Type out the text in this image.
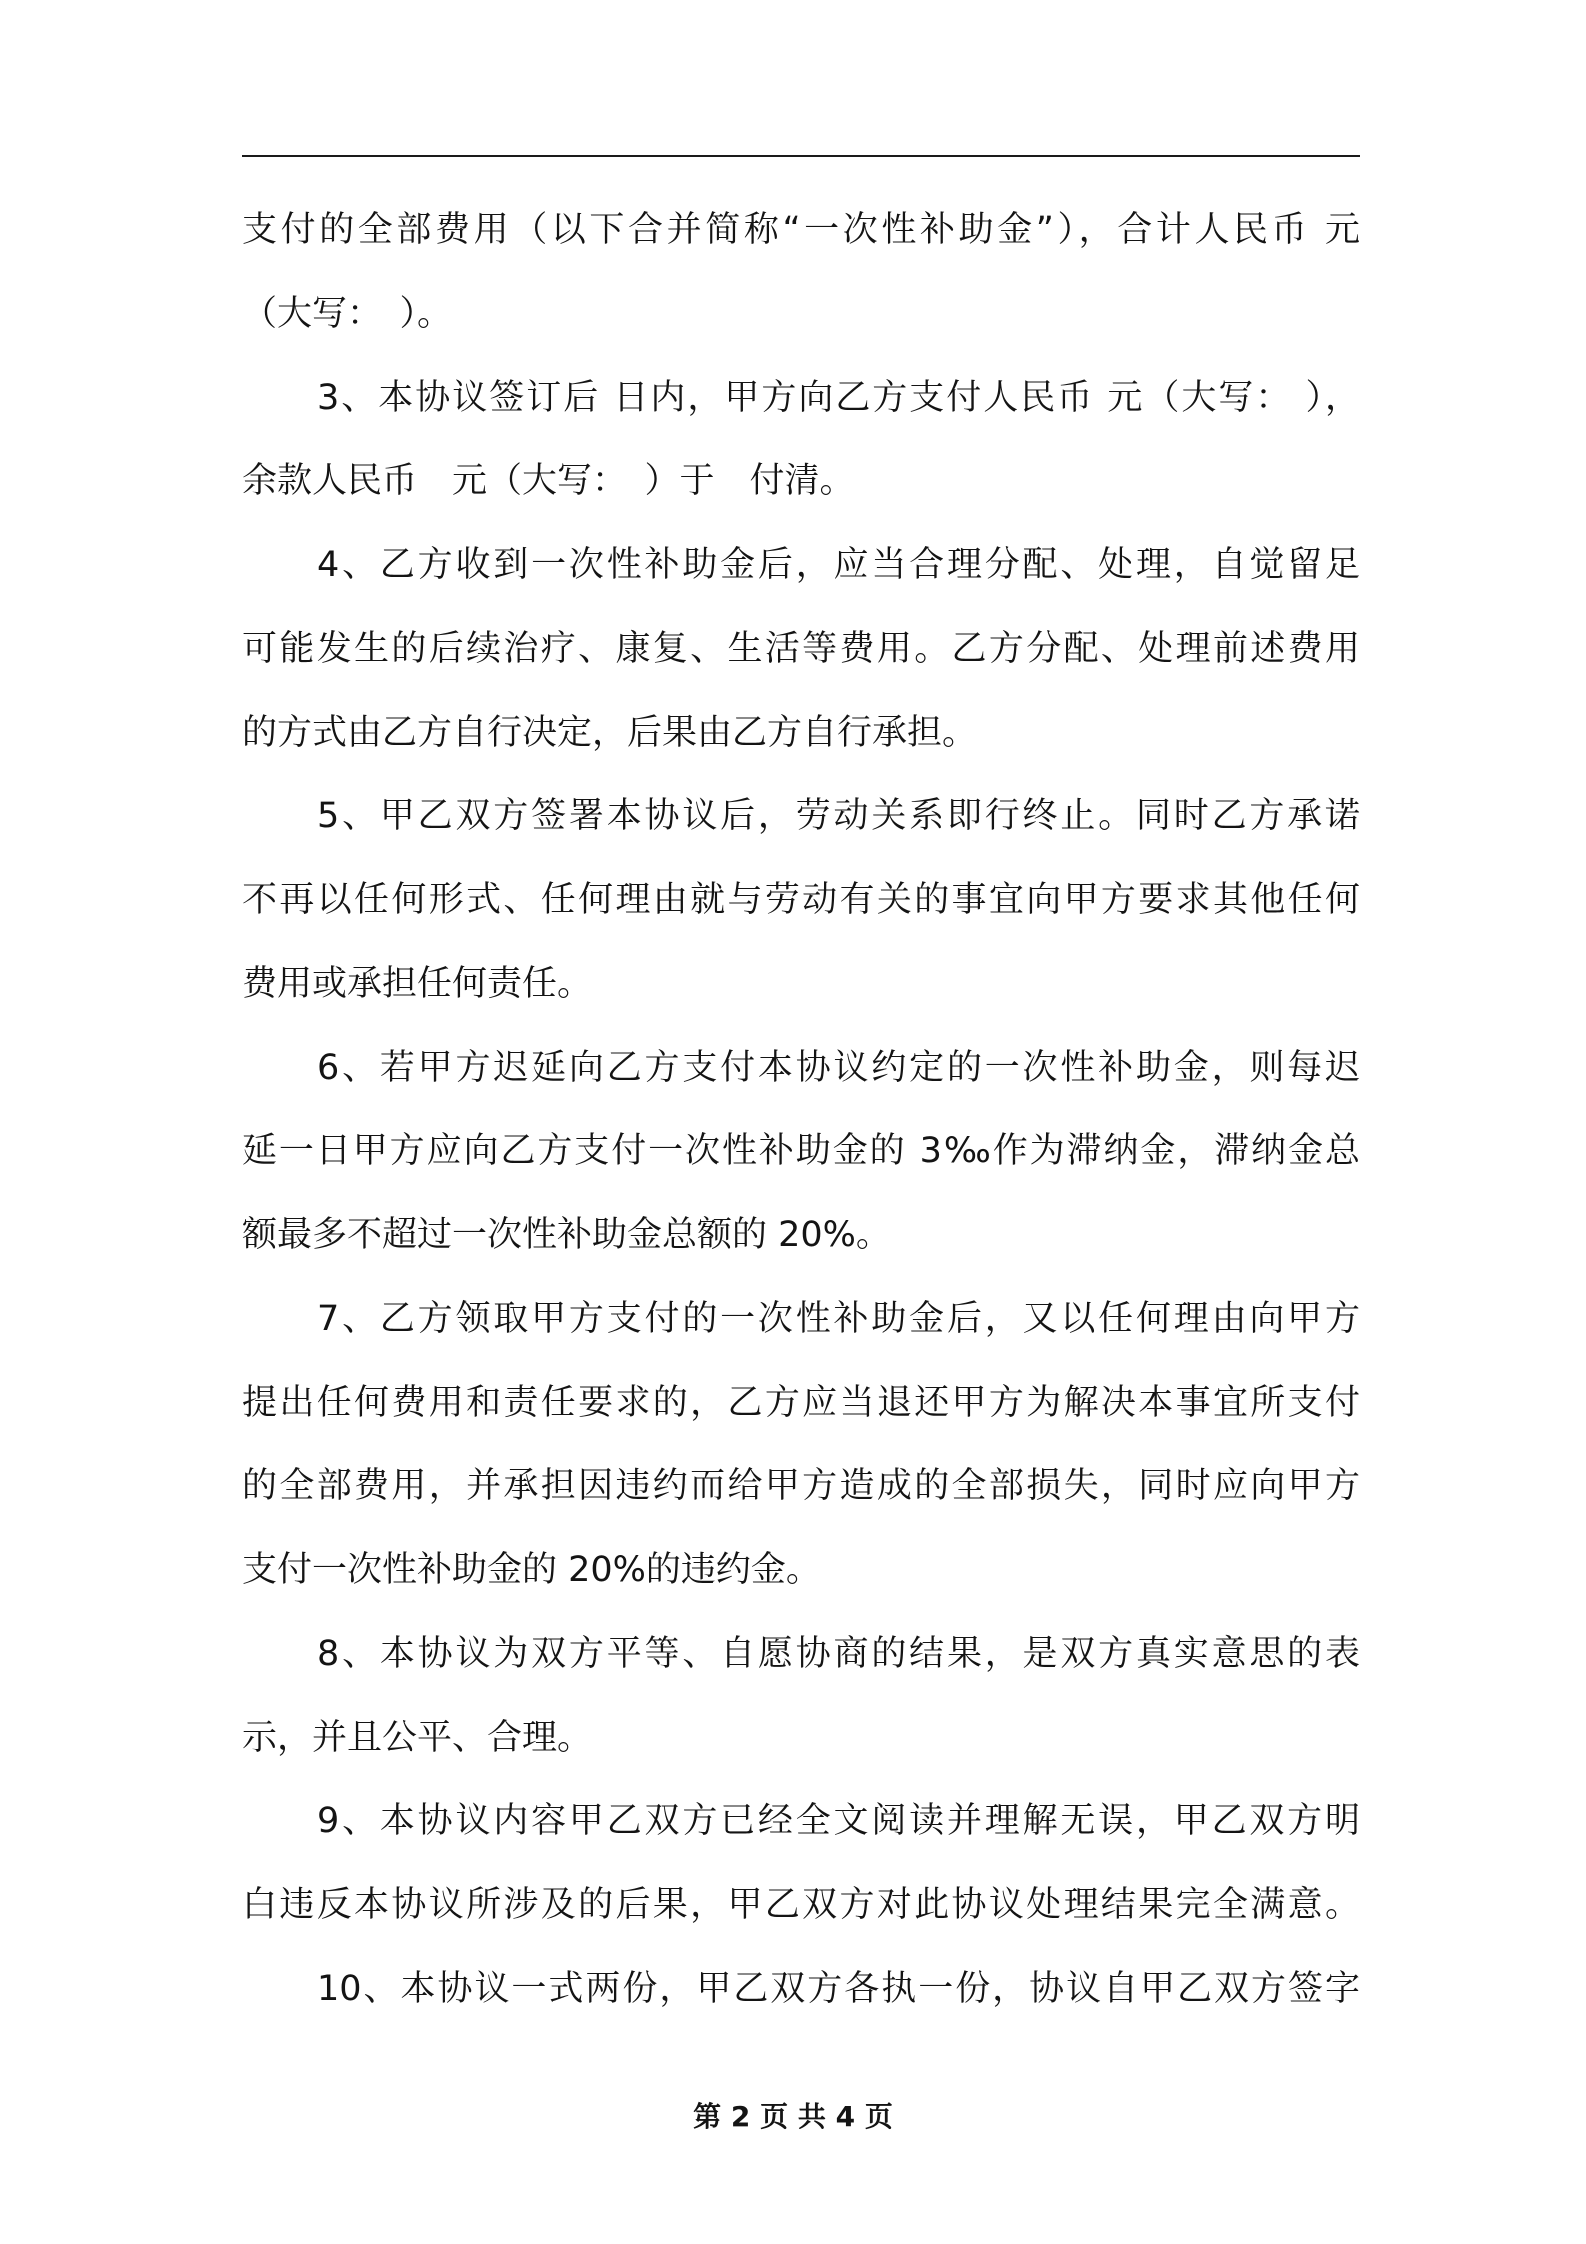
支付的全部费用（以下合并简称“一次性补助金”），合计人民币 元
（大写：　）。
3、本协议签订后 日内，甲方向乙方支付人民币 元（大写： ），
余款人民币　元（大写：　）于　付清。
4、乙方收到一次性补助金后，应当合理分配、处理，自觉留足
可能发生的后续治疗、康复、生活等费用。乙方分配、处理前述费用
的方式由乙方自行决定，后果由乙方自行承担。
5、甲乙双方签署本协议后，劳动关系即行终止。同时乙方承诺
不再以任何形式、任何理由就与劳动有关的事宜向甲方要求其他任何
费用或承担任何责任。
6、若甲方迟延向乙方支付本协议约定的一次性补助金，则每迟
延一日甲方应向乙方支付一次性补助金的 3‰作为滞纳金，滞纳金总
额最多不超过一次性补助金总额的 20%。
7、乙方领取甲方支付的一次性补助金后，又以任何理由向甲方
提出任何费用和责任要求的，乙方应当退还甲方为解决本事宜所支付
的全部费用，并承担因违约而给甲方造成的全部损失，同时应向甲方
支付一次性补助金的 20%的违约金。
8、本协议为双方平等、自愿协商的结果，是双方真实意思的表
示，并且公平、合理。
9、本协议内容甲乙双方已经全文阅读并理解无误，甲乙双方明
白违反本协议所涉及的后果，甲乙双方对此协议处理结果完全满意。
10、本协议一式两份，甲乙双方各执一份，协议自甲乙双方签字
第 2 页 共 4 页
